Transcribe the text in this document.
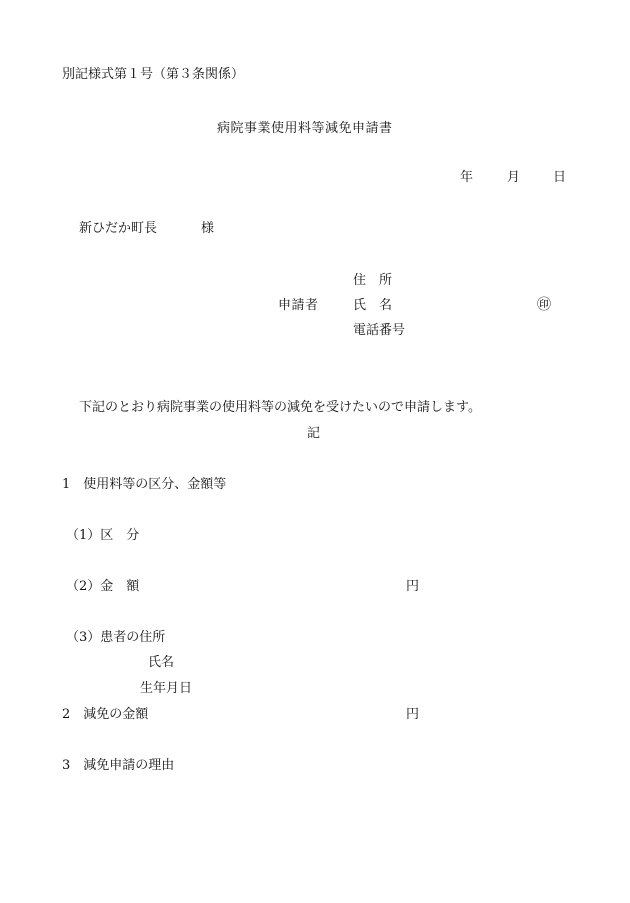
別記様式第１号（第３条関係）
病院事業使用料等減免申請書
年	月	日
新ひだか町長	様
住　所
申請者	氏　名	㊞
電話番号
下記のとおり病院事業の使用料等の減免を受けたいので申請します。
記
1　使用料等の区分、金額等
（1）区　分
（2）金　額	円
（3）患者の住所
氏名
生年月日
2　減免の金額	円
3　減免申請の理由
